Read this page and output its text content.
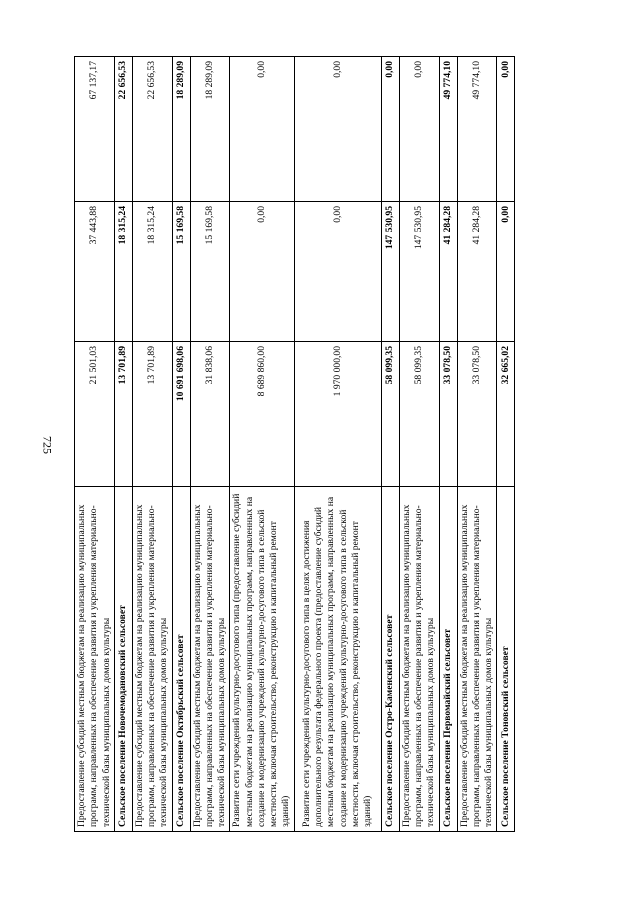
725
Предоставление субсидий местным бюджетам на реализацию муниципальных программ, направленных на обеспечение развития и укрепления материально-технической базы муниципальных домов культуры	21 501,03	37 443,88	67 137,17
Сельское поселение Новочемодановский сельсовет	13 701,89	18 315,24	22 656,53
Предоставление субсидий местным бюджетам на реализацию муниципальных программ, направленных на обеспечение развития и укрепления материально-технической базы муниципальных домов культуры	13 701,89	18 315,24	22 656,53
Сельское поселение Октябрьский сельсовет	10 691 698,06	15 169,58	18 289,09
Предоставление субсидий местным бюджетам на реализацию муниципальных программ, направленных на обеспечение развития и укрепления материально-технической базы муниципальных домов культуры	31 838,06	15 169,58	18 289,09
Развитие сети учреждений культурно-досугового типа (предоставление субсидий местным бюджетам на реализацию муниципальных программ, направленных на создание и модернизацию учреждений культурно-досугового типа в сельской местности, включая строительство, реконструкцию и капитальный ремонт зданий)	8 689 860,00	0,00	0,00
Развитие сети учреждений культурно-досугового типа в целях достижения дополнительного результата федерального проекта (предоставление субсидий местным бюджетам на реализацию муниципальных программ, направленных на создание и модернизацию учреждений культурно-досугового типа в сельской местности, включая строительство, реконструкцию и капитальный ремонт зданий)	1 970 000,00	0,00	0,00
Сельское поселение Остро-Каменский сельсовет	58 099,35	147 530,95	0,00
Предоставление субсидий местным бюджетам на реализацию муниципальных программ, направленных на обеспечение развития и укрепления материально-технической базы муниципальных домов культуры	58 099,35	147 530,95	0,00
Сельское поселение Первомайский сельсовет	33 078,50	41 284,28	49 774,10
Предоставление субсидий местным бюджетам на реализацию муниципальных программ, направленных на обеспечение развития и укрепления материально-технической базы муниципальных домов культуры	33 078,50	41 284,28	49 774,10
Сельское поселение Тоновский сельсовет	32 665,02	0,00	0,00
